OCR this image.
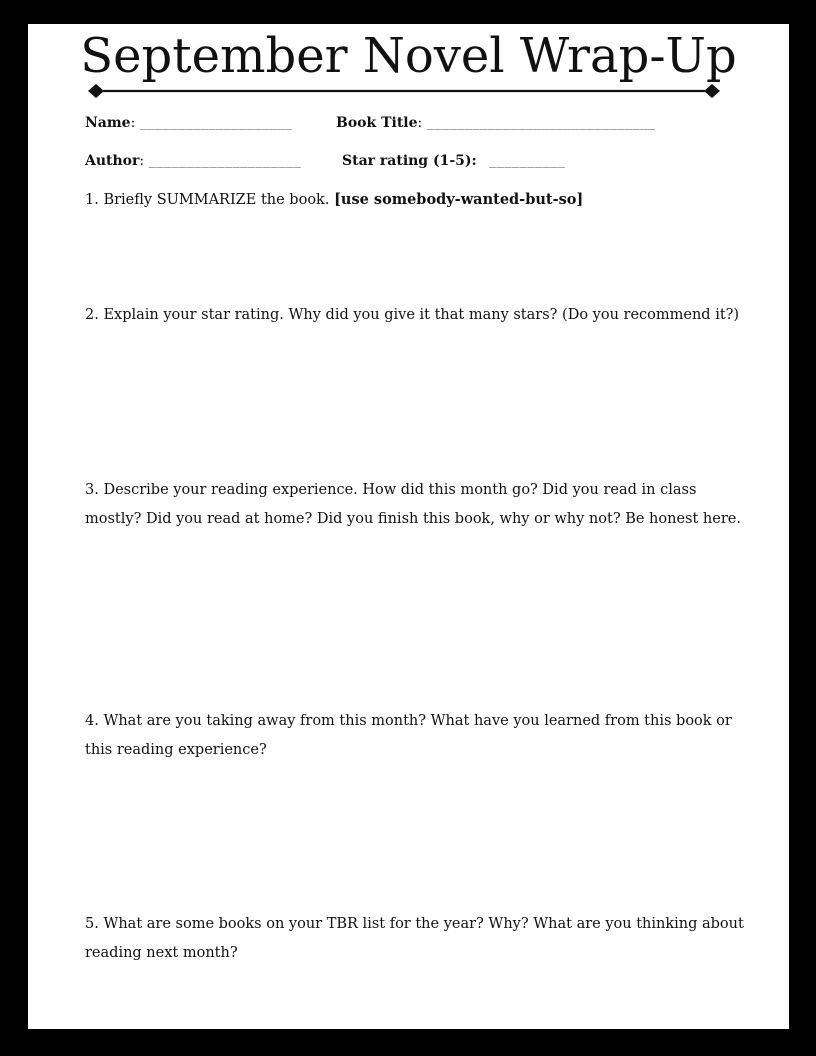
September Novel Wrap-Up
Name: ____________________	Book Title: ______________________________
Author: ____________________	Star rating (1-5): __________
1. Briefly SUMMARIZE the book. [use somebody-wanted-but-so]
2. Explain your star rating. Why did you give it that many stars? (Do you recommend it?)
3. Describe your reading experience. How did this month go? Did you read in class mostly? Did you read at home? Did you finish this book, why or why not? Be honest here.
4. What are you taking away from this month? What have you learned from this book or this reading experience?
5. What are some books on your TBR list for the year? Why? What are you thinking about reading next month?
